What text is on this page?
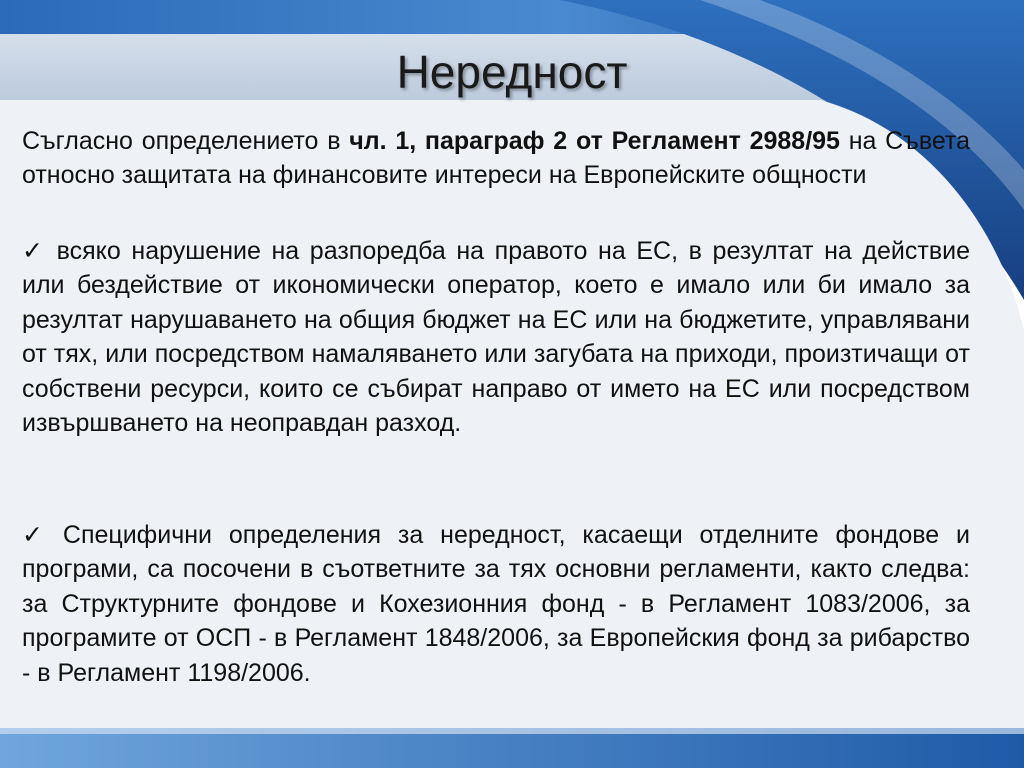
Нередност
Съгласно определението в чл. 1, параграф 2 от Регламент 2988/95 на Съвета относно защитата на финансовите интереси на Европейските общности
✓ всяко нарушение на разпоредба на правото на ЕС, в резултат на действие или бездействие от икономически оператор, което е имало или би имало за резултат нарушаването на общия бюджет на ЕС или на бюджетите, управлявани от тях, или посредством намаляването или загубата на приходи, произтичащи от собствени ресурси, които се събират направо от името на ЕС или посредством извършването на неоправдан разход.
✓ Специфични определения за нередност, касаещи отделните фондове и програми, са посочени в съответните за тях основни регламенти, както следва: за Структурните фондове и Кохезионния фонд - в Регламент 1083/2006, за програмите от ОСП - в Регламент 1848/2006, за Европейския фонд за рибарство - в Регламент 1198/2006.
